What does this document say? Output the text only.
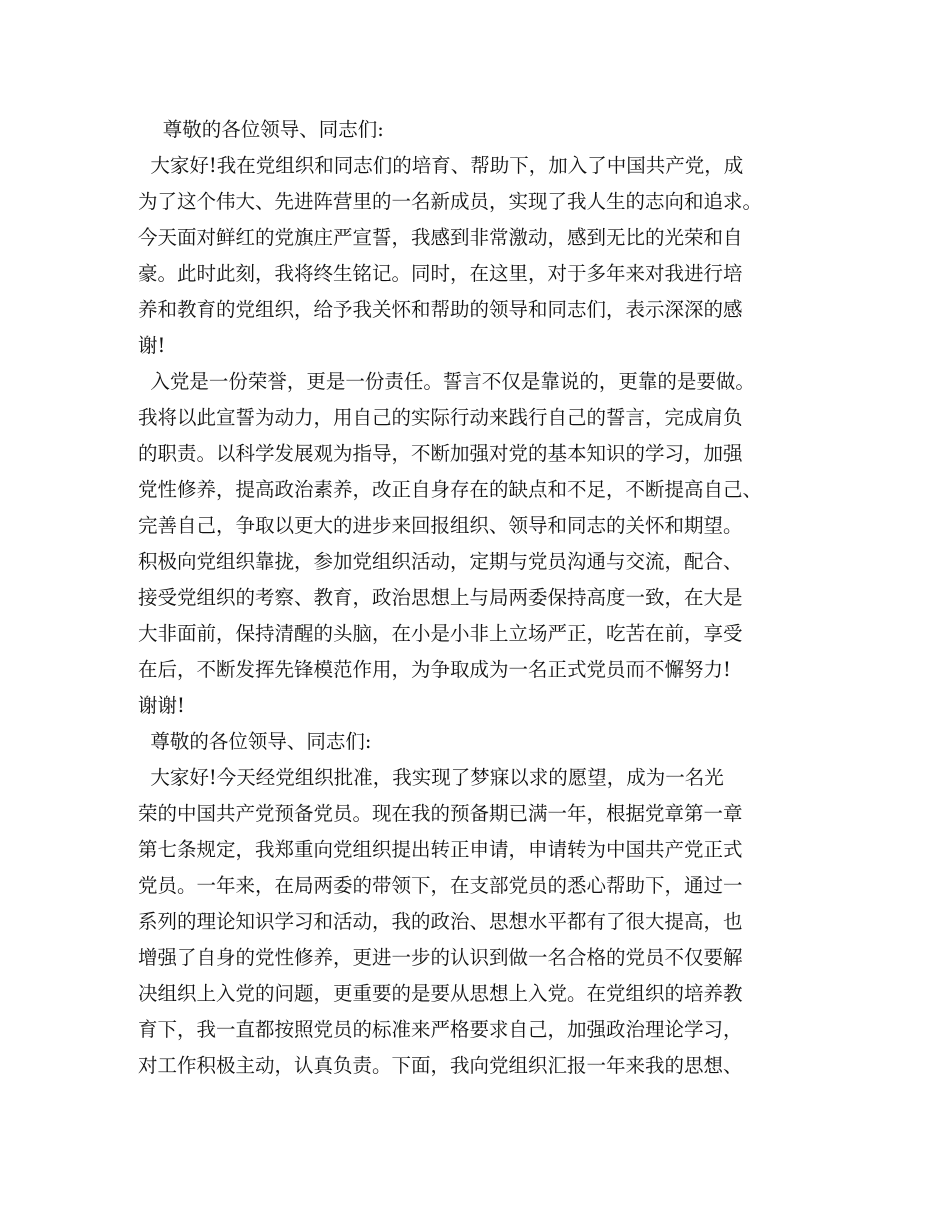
尊敬的各位领导、同志们:
大家好!我在党组织和同志们的培育、帮助下，加入了中国共产党，成
为了这个伟大、先进阵营里的一名新成员，实现了我人生的志向和追求。
今天面对鲜红的党旗庄严宣誓，我感到非常激动，感到无比的光荣和自
豪。此时此刻，我将终生铭记。同时，在这里，对于多年来对我进行培
养和教育的党组织，给予我关怀和帮助的领导和同志们，表示深深的感
谢!
入党是一份荣誉，更是一份责任。誓言不仅是靠说的，更靠的是要做。
我将以此宣誓为动力，用自己的实际行动来践行自己的誓言，完成肩负
的职责。以科学发展观为指导，不断加强对党的基本知识的学习，加强
党性修养，提高政治素养，改正自身存在的缺点和不足，不断提高自己、
完善自己，争取以更大的进步来回报组织、领导和同志的关怀和期望。
积极向党组织靠拢，参加党组织活动，定期与党员沟通与交流，配合、
接受党组织的考察、教育，政治思想上与局两委保持高度一致，在大是
大非面前，保持清醒的头脑，在小是小非上立场严正，吃苦在前，享受
在后，不断发挥先锋模范作用，为争取成为一名正式党员而不懈努力!
谢谢!
尊敬的各位领导、同志们:
大家好!今天经党组织批准，我实现了梦寐以求的愿望，成为一名光
荣的中国共产党预备党员。现在我的预备期已满一年，根据党章第一章
第七条规定，我郑重向党组织提出转正申请，申请转为中国共产党正式
党员。一年来，在局两委的带领下，在支部党员的悉心帮助下，通过一
系列的理论知识学习和活动，我的政治、思想水平都有了很大提高，也
增强了自身的党性修养，更进一步的认识到做一名合格的党员不仅要解
决组织上入党的问题，更重要的是要从思想上入党。在党组织的培养教
育下，我一直都按照党员的标准来严格要求自己，加强政治理论学习，
对工作积极主动，认真负责。下面，我向党组织汇报一年来我的思想、
